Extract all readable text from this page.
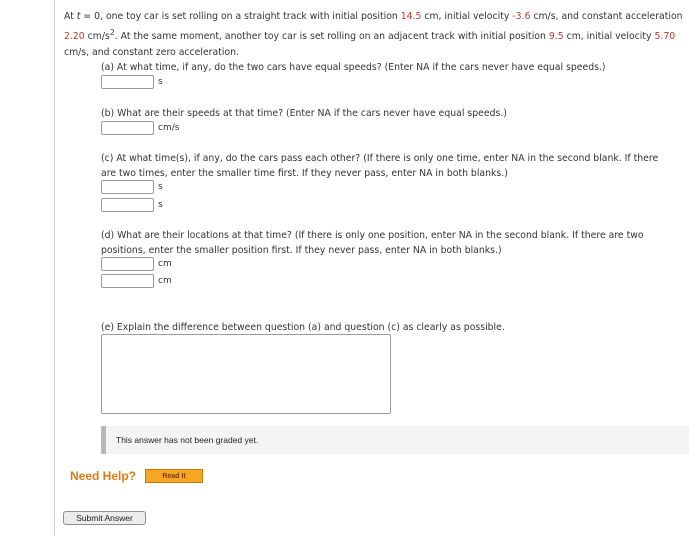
At t = 0, one toy car is set rolling on a straight track with initial position 14.5 cm, initial velocity -3.6 cm/s, and constant acceleration 2.20 $cm/s^2$. At the same moment, another toy car is set rolling on an adjacent track with initial position 9.5 cm, initial velocity 5.70 cm/s, and constant zero acceleration.
(a) At what time, if any, do the two cars have equal speeds? (Enter NA if the cars never have equal speeds.)
s
(b) What are their speeds at that time? (Enter NA if the cars never have equal speeds.)
cm/s
(c) At what time(s), if any, do the cars pass each other? (If there is only one time, enter NA in the second blank. If there are two times, enter the smaller time first. If they never pass, enter NA in both blanks.)
s
s
(d) What are their locations at that time? (If there is only one position, enter NA in the second blank. If there are two positions, enter the smaller position first. If they never pass, enter NA in both blanks.)
cm
cm
(e) Explain the difference between question (a) and question (c) as clearly as possible.
This answer has not been graded yet.
Need Help?	Read It
Submit Answer
